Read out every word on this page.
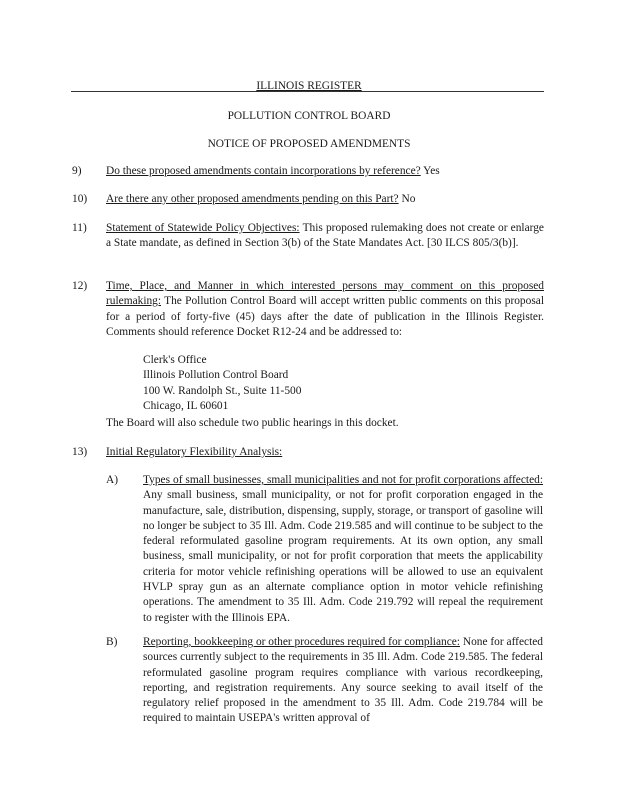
ILLINOIS REGISTER
POLLUTION CONTROL BOARD
NOTICE OF PROPOSED AMENDMENTS
9) Do these proposed amendments contain incorporations by reference? Yes
10) Are there any other proposed amendments pending on this Part? No
11) Statement of Statewide Policy Objectives: This proposed rulemaking does not create or enlarge a State mandate, as defined in Section 3(b) of the State Mandates Act. [30 ILCS 805/3(b)].

12) Time, Place, and Manner in which interested persons may comment on this proposed rulemaking: The Pollution Control Board will accept written public comments on this proposal for a period of forty-five (45) days after the date of publication in the Illinois Register. Comments should reference Docket R12-24 and be addressed to:

Clerk's Office
Illinois Pollution Control Board
100 W. Randolph St., Suite 11-500
Chicago, IL 60601
The Board will also schedule two public hearings in this docket.
13) Initial Regulatory Flexibility Analysis:
A) Types of small businesses, small municipalities and not for profit corporations affected: Any small business, small municipality, or not for profit corporation engaged in the manufacture, sale, distribution, dispensing, supply, storage, or transport of gasoline will no longer be subject to 35 Ill. Adm. Code 219.585 and will continue to be subject to the federal reformulated gasoline program requirements. At its own option, any small business, small municipality, or not for profit corporation that meets the applicability criteria for motor vehicle refinishing operations will be allowed to use an equivalent HVLP spray gun as an alternate compliance option in motor vehicle refinishing operations. The amendment to 35 Ill. Adm. Code 219.792 will repeal the requirement to register with the Illinois EPA.

B) Reporting, bookkeeping or other procedures required for compliance: None for affected sources currently subject to the requirements in 35 Ill. Adm. Code 219.585. The federal reformulated gasoline program requires compliance with various recordkeeping, reporting, and registration requirements. Any source seeking to avail itself of the regulatory relief proposed in the amendment to 35 Ill. Adm. Code 219.784 will be required to maintain USEPA's written approval of
